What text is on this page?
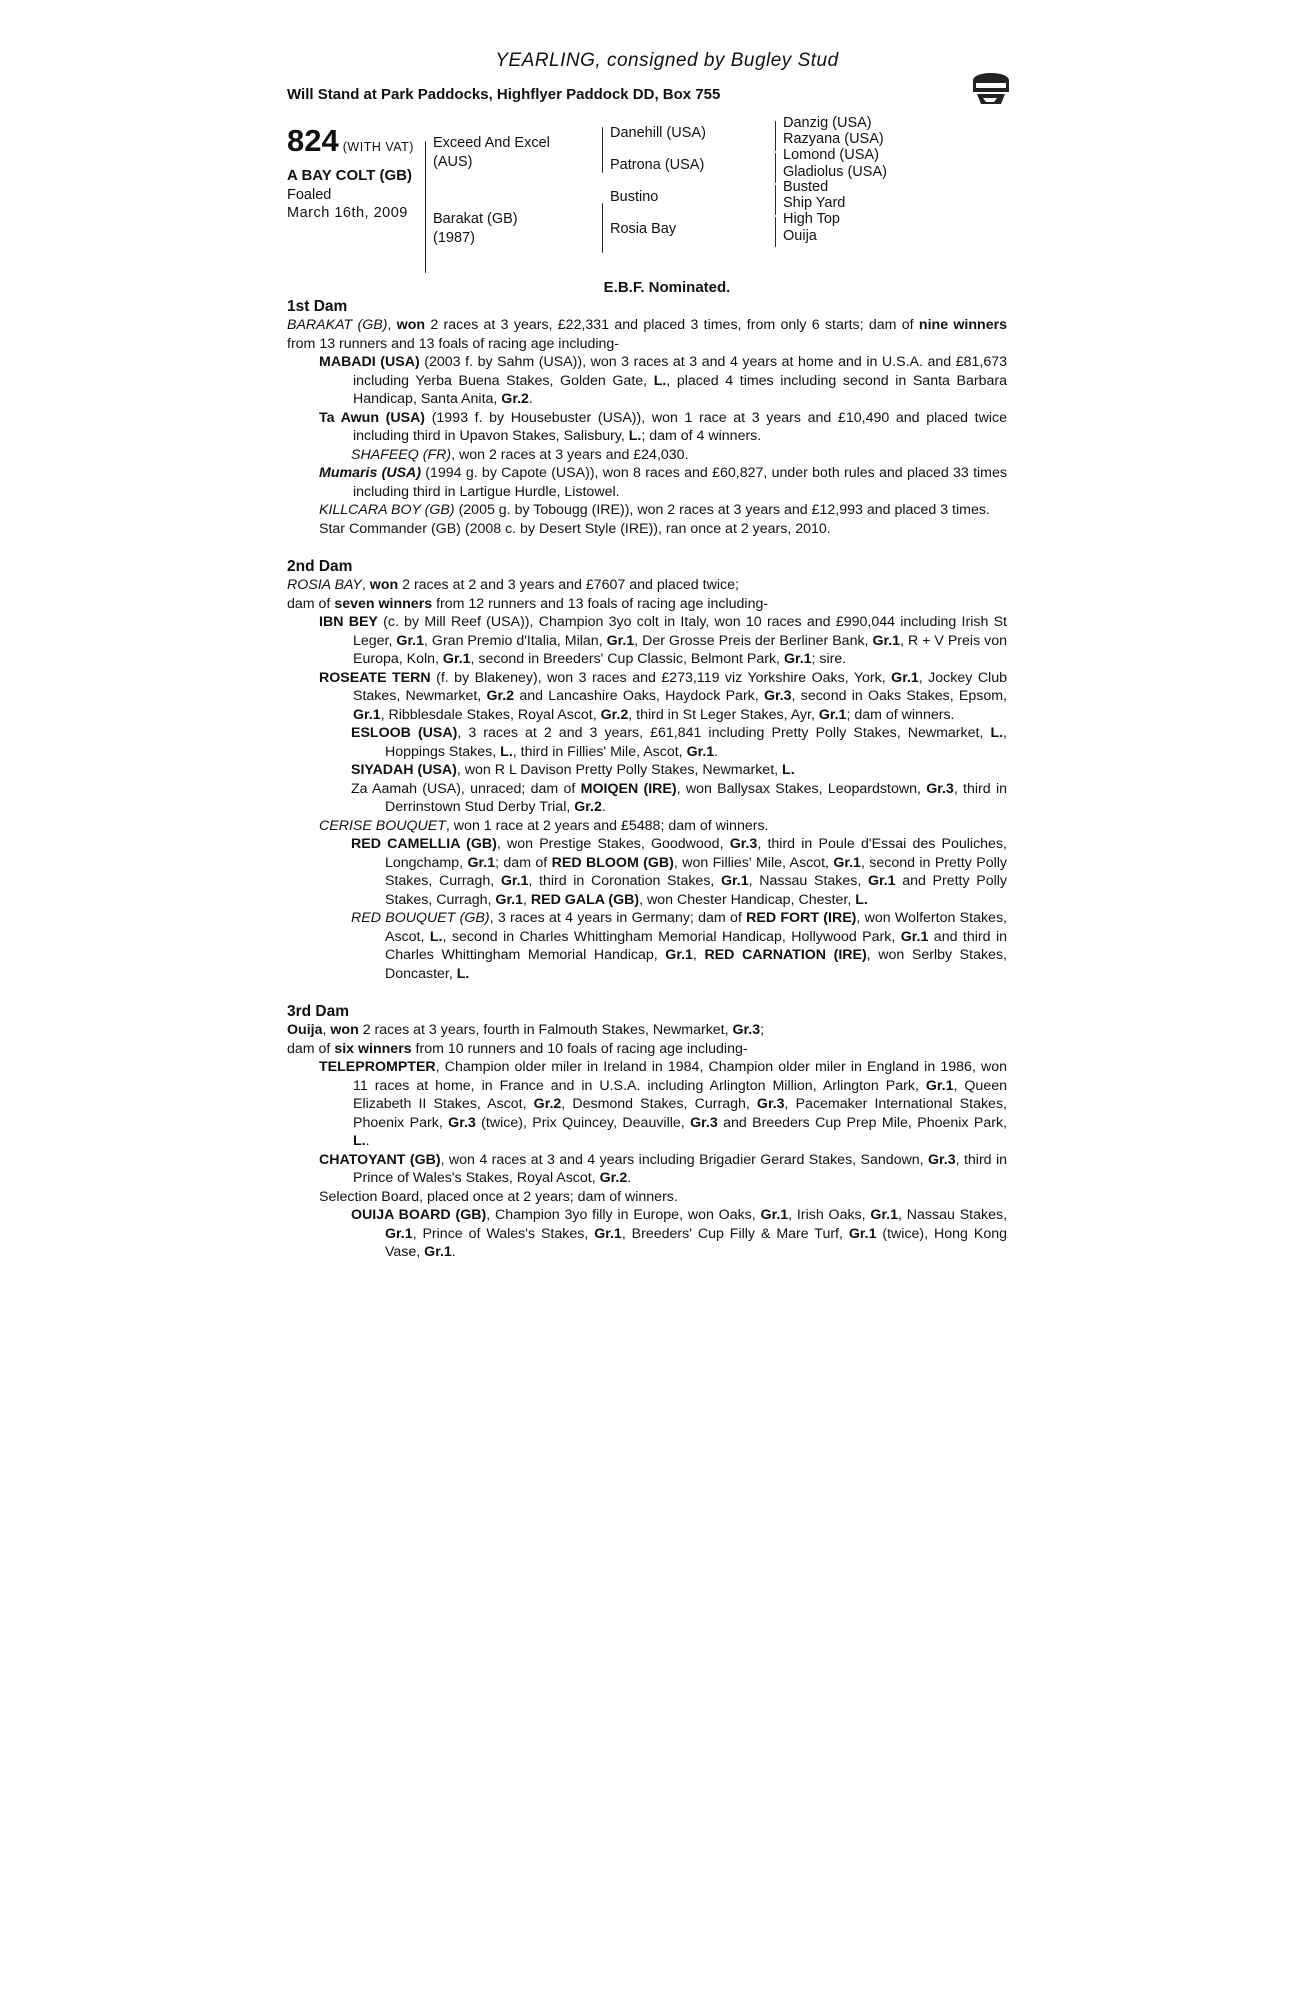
YEARLING, consigned by Bugley Stud
Will Stand at Park Paddocks, Highflyer Paddock DD, Box 755
824 (WITH VAT)
A BAY COLT (GB)
Foaled
March 16th, 2009
Exceed And Excel
(AUS)
Barakat (GB)
(1987)
Danehill (USA)
Patrona (USA)
Bustino
Rosia Bay
Danzig (USA)
Razyana (USA)
Lomond (USA)
Gladiolus (USA)
Busted
Ship Yard
High Top
Ouija
E.B.F. Nominated.
1st Dam
BARAKAT (GB), won 2 races at 3 years, £22,331 and placed 3 times, from only 6 starts; dam of nine winners from 13 runners and 13 foals of racing age including-
MABADI (USA) (2003 f. by Sahm (USA)), won 3 races at 3 and 4 years at home and in U.S.A. and £81,673 including Yerba Buena Stakes, Golden Gate, L., placed 4 times including second in Santa Barbara Handicap, Santa Anita, Gr.2.
Ta Awun (USA) (1993 f. by Housebuster (USA)), won 1 race at 3 years and £10,490 and placed twice including third in Upavon Stakes, Salisbury, L.; dam of 4 winners.
SHAFEEQ (FR), won 2 races at 3 years and £24,030.
Mumaris (USA) (1994 g. by Capote (USA)), won 8 races and £60,827, under both rules and placed 33 times including third in Lartigue Hurdle, Listowel.
KILLCARA BOY (GB) (2005 g. by Tobougg (IRE)), won 2 races at 3 years and £12,993 and placed 3 times.
Star Commander (GB) (2008 c. by Desert Style (IRE)), ran once at 2 years, 2010.
2nd Dam
ROSIA BAY, won 2 races at 2 and 3 years and £7607 and placed twice;
dam of seven winners from 12 runners and 13 foals of racing age including-
IBN BEY (c. by Mill Reef (USA)), Champion 3yo colt in Italy, won 10 races and £990,044 including Irish St Leger, Gr.1, Gran Premio d'Italia, Milan, Gr.1, Der Grosse Preis der Berliner Bank, Gr.1, R + V Preis von Europa, Koln, Gr.1, second in Breeders' Cup Classic, Belmont Park, Gr.1; sire.
ROSEATE TERN (f. by Blakeney), won 3 races and £273,119 viz Yorkshire Oaks, York, Gr.1, Jockey Club Stakes, Newmarket, Gr.2 and Lancashire Oaks, Haydock Park, Gr.3, second in Oaks Stakes, Epsom, Gr.1, Ribblesdale Stakes, Royal Ascot, Gr.2, third in St Leger Stakes, Ayr, Gr.1; dam of winners.
ESLOOB (USA), 3 races at 2 and 3 years, £61,841 including Pretty Polly Stakes, Newmarket, L., Hoppings Stakes, L., third in Fillies' Mile, Ascot, Gr.1.
SIYADAH (USA), won R L Davison Pretty Polly Stakes, Newmarket, L.
Za Aamah (USA), unraced; dam of MOIQEN (IRE), won Ballysax Stakes, Leopardstown, Gr.3, third in Derrinstown Stud Derby Trial, Gr.2.
CERISE BOUQUET, won 1 race at 2 years and £5488; dam of winners.
RED CAMELLIA (GB), won Prestige Stakes, Goodwood, Gr.3, third in Poule d'Essai des Pouliches, Longchamp, Gr.1; dam of RED BLOOM (GB), won Fillies' Mile, Ascot, Gr.1, second in Pretty Polly Stakes, Curragh, Gr.1, third in Coronation Stakes, Gr.1, Nassau Stakes, Gr.1 and Pretty Polly Stakes, Curragh, Gr.1, RED GALA (GB), won Chester Handicap, Chester, L.
RED BOUQUET (GB), 3 races at 4 years in Germany; dam of RED FORT (IRE), won Wolferton Stakes, Ascot, L., second in Charles Whittingham Memorial Handicap, Hollywood Park, Gr.1 and third in Charles Whittingham Memorial Handicap, Gr.1, RED CARNATION (IRE), won Serlby Stakes, Doncaster, L.
3rd Dam
Ouija, won 2 races at 3 years, fourth in Falmouth Stakes, Newmarket, Gr.3;
dam of six winners from 10 runners and 10 foals of racing age including-
TELEPROMPTER, Champion older miler in Ireland in 1984, Champion older miler in England in 1986, won 11 races at home, in France and in U.S.A. including Arlington Million, Arlington Park, Gr.1, Queen Elizabeth II Stakes, Ascot, Gr.2, Desmond Stakes, Curragh, Gr.3, Pacemaker International Stakes, Phoenix Park, Gr.3 (twice), Prix Quincey, Deauville, Gr.3 and Breeders Cup Prep Mile, Phoenix Park, L..
CHATOYANT (GB), won 4 races at 3 and 4 years including Brigadier Gerard Stakes, Sandown, Gr.3, third in Prince of Wales's Stakes, Royal Ascot, Gr.2.
Selection Board, placed once at 2 years; dam of winners.
OUIJA BOARD (GB), Champion 3yo filly in Europe, won Oaks, Gr.1, Irish Oaks, Gr.1, Nassau Stakes, Gr.1, Prince of Wales's Stakes, Gr.1, Breeders' Cup Filly & Mare Turf, Gr.1 (twice), Hong Kong Vase, Gr.1.
